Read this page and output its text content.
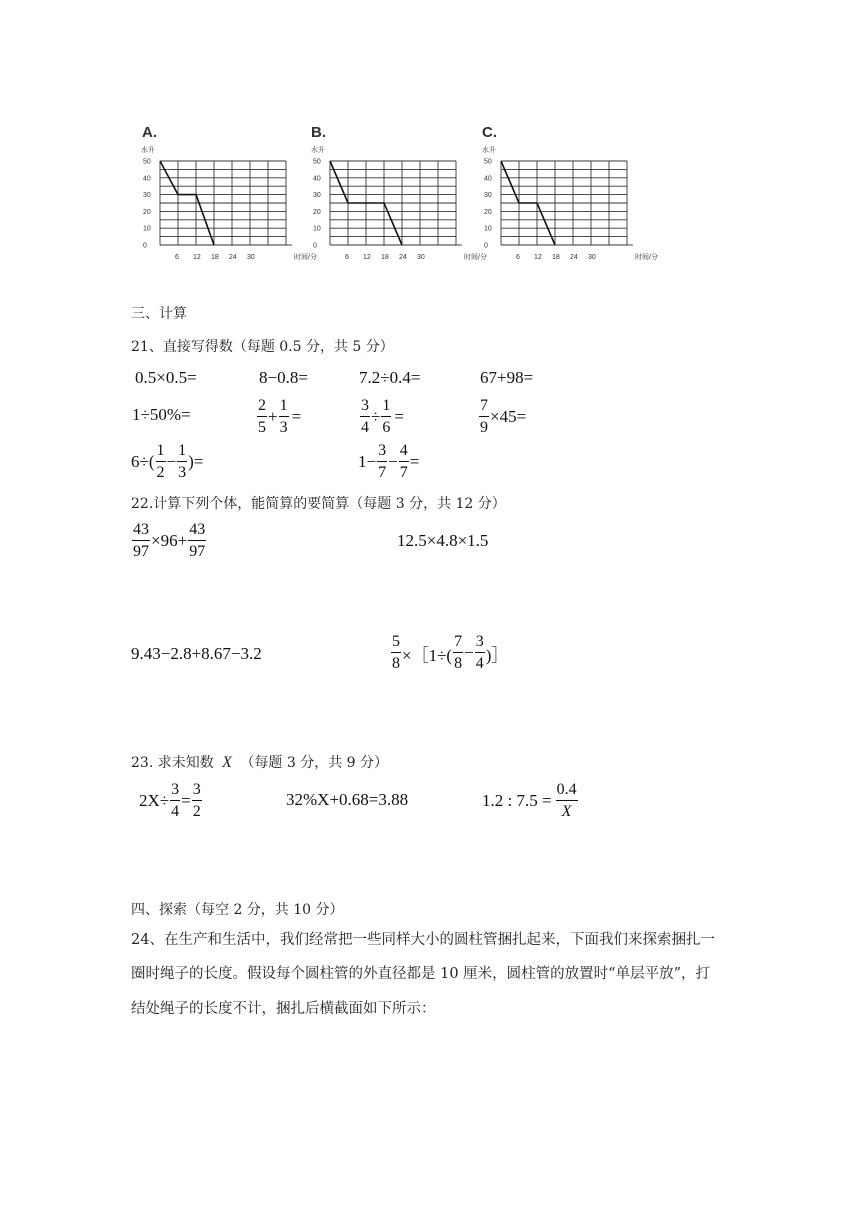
A.	B.	C.
水升
50
40
30
20
10
0
6 12 18 24 30	时间/分
水升
50
40
30
20
10
0
6 12 18 24 30	时间/分
水升
50
40
30
20
10
0
6 12 18 24 30	时间/分
三、计算
21、直接写得数（每题 0.5 分，共 5 分）
0.5×0.5=	8−0.8=	7.2÷0.4=	67+98=
1÷50%=	$\frac{2}{5} + \frac{1}{3}$ =	$\frac{3}{4} \div \frac{1}{6}$ =	$\frac{7}{9} \times 45=$
$6\div( \frac{1}{2} - \frac{1}{3}$ )=	$1- \frac{3}{7} - \frac{4}{7}$ =
22.计算下列个体，能简算的要简算（每题 3 分，共 12 分）
$\frac{43}{97} \times 96+ \frac{43}{97}$	12.5×4.8×1.5
9.43−2.8+8.67−3.2	$\frac{5}{8}$ ×［1÷( $\frac{7}{8} - \frac{3}{4}$ )］
23. 求未知数 X （每题 3 分，共 9 分）
$2X\div \frac{3}{4} = \frac{3}{2}$	32%X+0.68=3.88	1.2 : $7.5 = \frac{0.4}{X}$
四、探索（每空 2 分，共 10 分）
24、在生产和生活中，我们经常把一些同样大小的圆柱管捆扎起来，下面我们来探索捆扎一
圈时绳子的长度。假设每个圆柱管的外直径都是 10 厘米，圆柱管的放置时“单层平放”，打
结处绳子的长度不计，捆扎后横截面如下所示：
